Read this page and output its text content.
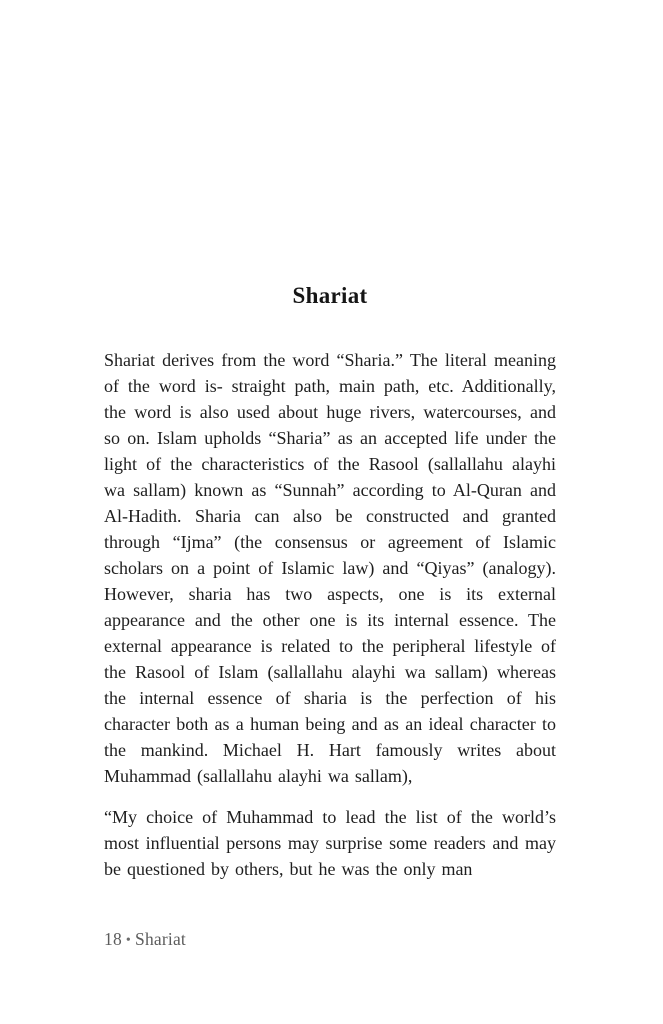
Shariat

Shariat derives from the word “Sharia.” The literal meaning of the word is- straight path, main path, etc. Additionally, the word is also used about huge rivers, watercourses, and so on. Islam upholds “Sharia” as an accepted life under the light of the characteristics of the Rasool (sallallahu alayhi wa sallam) known as “Sunnah” according to Al-Quran and Al-Hadith. Sharia can also be constructed and granted through “Ijma” (the consensus or agreement of Islamic scholars on a point of Islamic law) and “Qiyas” (analogy). However, sharia has two aspects, one is its external appearance and the other one is its internal essence. The external appearance is related to the peripheral lifestyle of the Rasool of Islam (sallallahu alayhi wa sallam) whereas the internal essence of sharia is the perfection of his character both as a human being and as an ideal character to the mankind. Michael H. Hart famously writes about Muhammad (sallallahu alayhi wa sallam),

“My choice of Muhammad to lead the list of the world’s most influential persons may surprise some readers and may be questioned by others, but he was the only man

18 • Shariat
